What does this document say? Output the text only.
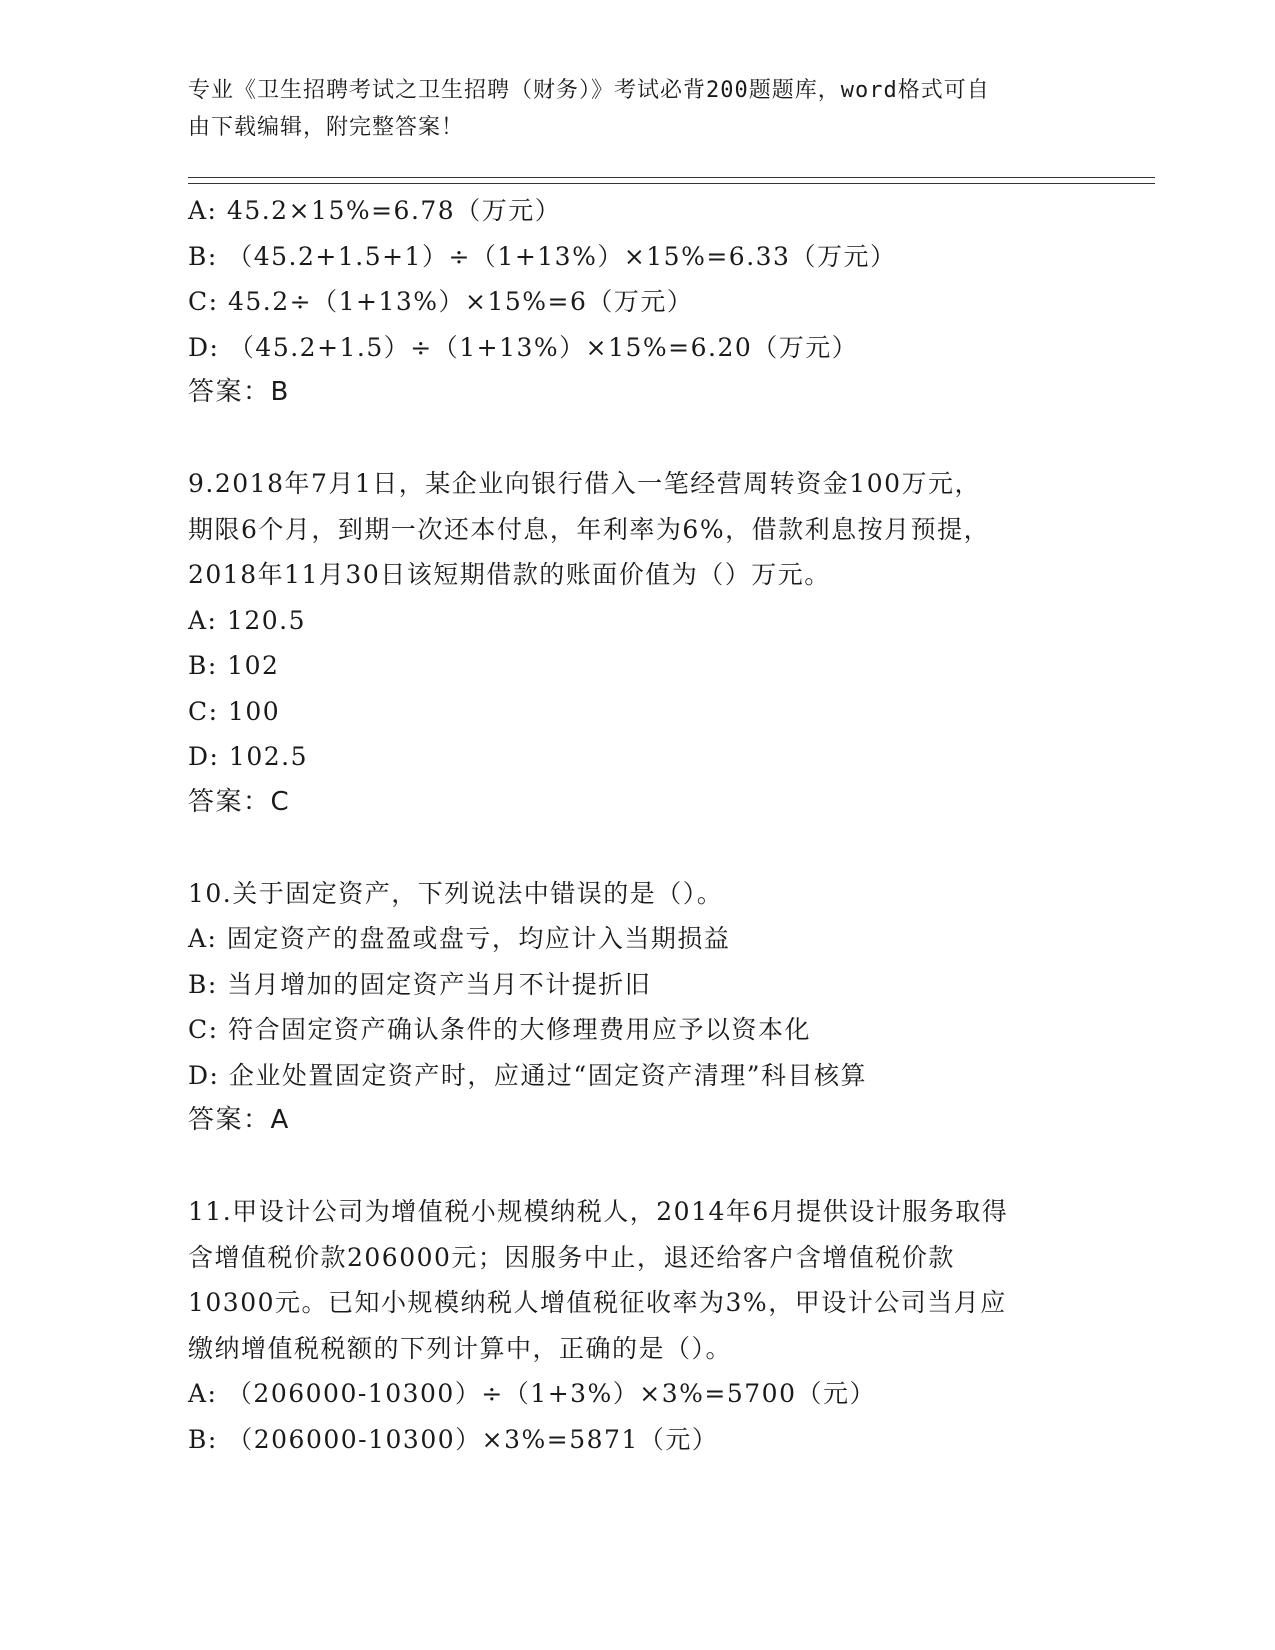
专业《卫生招聘考试之卫生招聘（财务）》考试必背200题题库，word格式可自
由下载编辑，附完整答案！
A: 45.2×15%=6.78（万元）
B: （45.2+1.5+1）÷（1+13%）×15%=6.33（万元）
C: 45.2÷（1+13%）×15%=6（万元）
D: （45.2+1.5）÷（1+13%）×15%=6.20（万元）
答案：B
9.2018年7月1日，某企业向银行借入一笔经营周转资金100万元，
期限6个月，到期一次还本付息，年利率为6%，借款利息按月预提，
2018年11月30日该短期借款的账面价值为（）万元。
A: 120.5
B: 102
C: 100
D: 102.5
答案：C
10.关于固定资产，下列说法中错误的是（）。
A: 固定资产的盘盈或盘亏，均应计入当期损益
B: 当月增加的固定资产当月不计提折旧
C: 符合固定资产确认条件的大修理费用应予以资本化
D: 企业处置固定资产时，应通过“固定资产清理”科目核算
答案：A
11.甲设计公司为增值税小规模纳税人，2014年6月提供设计服务取得
含增值税价款206000元；因服务中止，退还给客户含增值税价款
10300元。已知小规模纳税人增值税征收率为3%，甲设计公司当月应
缴纳增值税税额的下列计算中，正确的是（）。
A: （206000-10300）÷（1+3%）×3%=5700（元）
B: （206000-10300）×3%=5871（元）
